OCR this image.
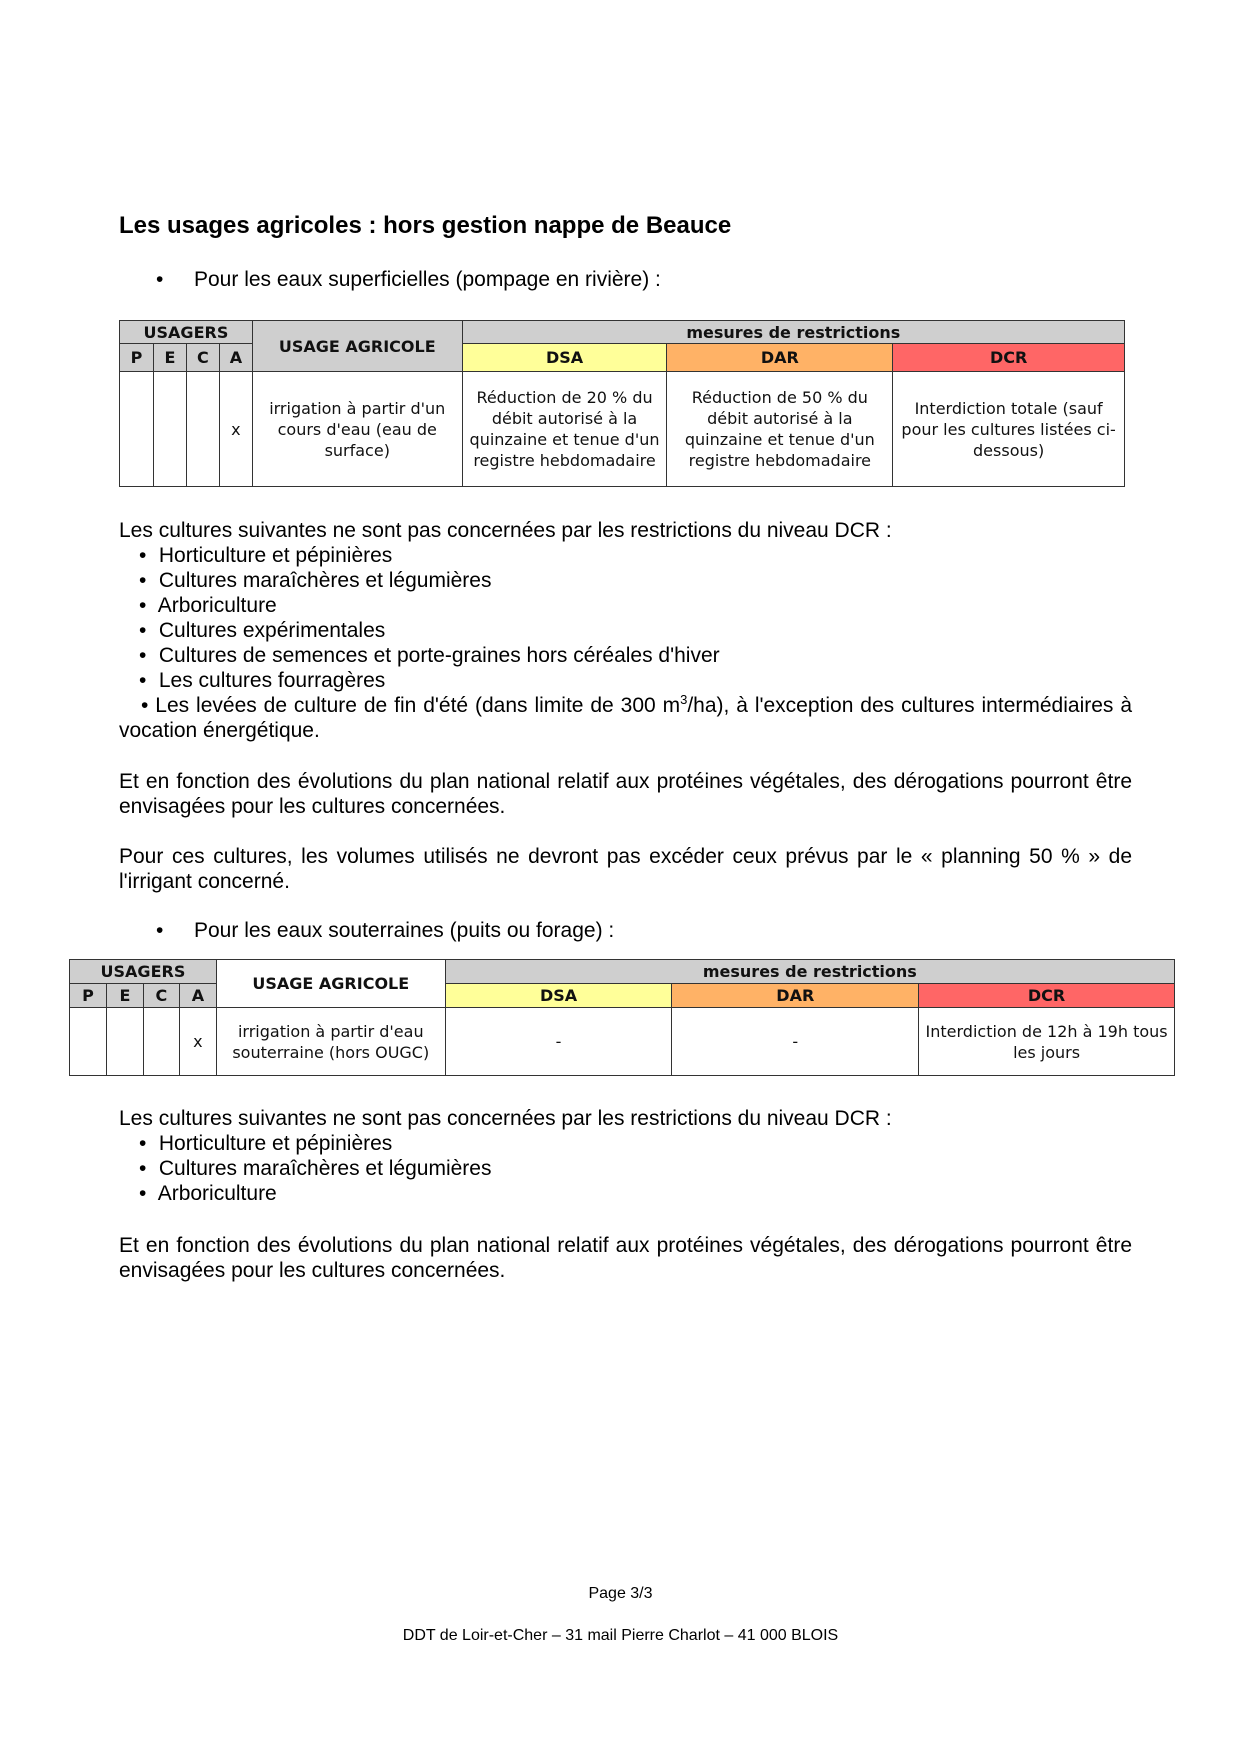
Les usages agricoles : hors gestion nappe de Beauce
• Pour les eaux superficielles (pompage en rivière) :
USAGERS				USAGE AGRICOLE	mesures de restrictions		
P	E	C	A		DSA	DAR	DCR
			x	irrigation à partir d'un cours d'eau (eau de surface)	Réduction de 20 % du débit autorisé à la quinzaine et tenue d'un registre hebdomadaire	Réduction de 50 % du débit autorisé à la quinzaine et tenue d'un registre hebdomadaire	Interdiction totale (sauf pour les cultures listées ci-dessous)

Les cultures suivantes ne sont pas concernées par les restrictions du niveau DCR :

• Horticulture et pépinières
• Cultures maraîchères et légumières
• Arboriculture
• Cultures expérimentales
• Cultures de semences et porte-graines hors céréales d'hiver
• Les cultures fourragères
• Les levées de culture de fin d'été (dans limite de 300 $m^3/ha$), à l'exception des cultures intermédiaires à vocation énergétique.

Et en fonction des évolutions du plan national relatif aux protéines végétales, des dérogations pourront être envisagées pour les cultures concernées.

Pour ces cultures, les volumes utilisés ne devront pas excéder ceux prévus par le « planning 50 % » de l'irrigant concerné.

• Pour les eaux souterraines (puits ou forage) :
USAGERS				USAGE AGRICOLE	mesures de restrictions		
P	E	C	A		DSA	DAR	DCR
			x	irrigation à partir d'eau souterraine (hors OUGC)	-	-	Interdiction de 12h à 19h tous les jours

Les cultures suivantes ne sont pas concernées par les restrictions du niveau DCR :

• Horticulture et pépinières
• Cultures maraîchères et légumières
• Arboriculture

Et en fonction des évolutions du plan national relatif aux protéines végétales, des dérogations pourront être envisagées pour les cultures concernées.

Page 3/3
DDT de Loir-et-Cher – 31 mail Pierre Charlot – 41 000 BLOIS
